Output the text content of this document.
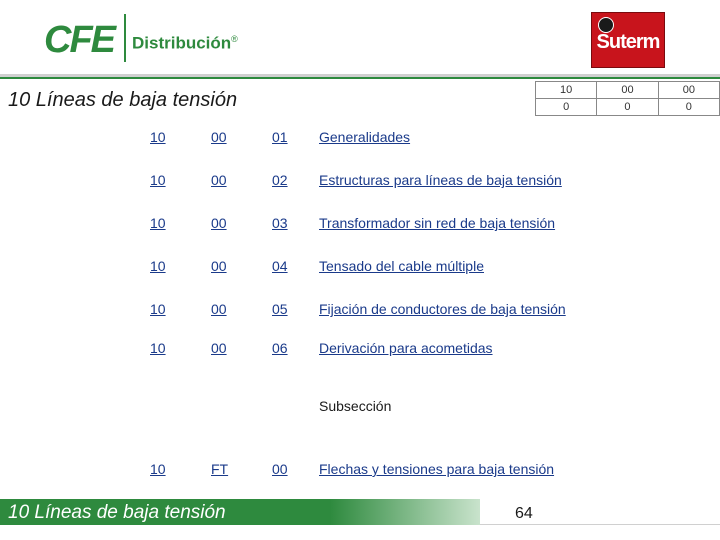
CFE Distribución®	Suterm
10 Líneas de baja tensión	10	00	00
0	0	0
10	00	01 Generalidades
10	00	02 Estructuras para líneas de baja tensión
10	00	03 Transformador sin red de baja tensión
10	00	04 Tensado del cable múltiple
10	00	05 Fijación de conductores de baja tensión
10	00	06 Derivación para acometidas
Subsección
10	FT	00 Flechas y tensiones para baja tensión
10 Líneas de baja tensión	64
